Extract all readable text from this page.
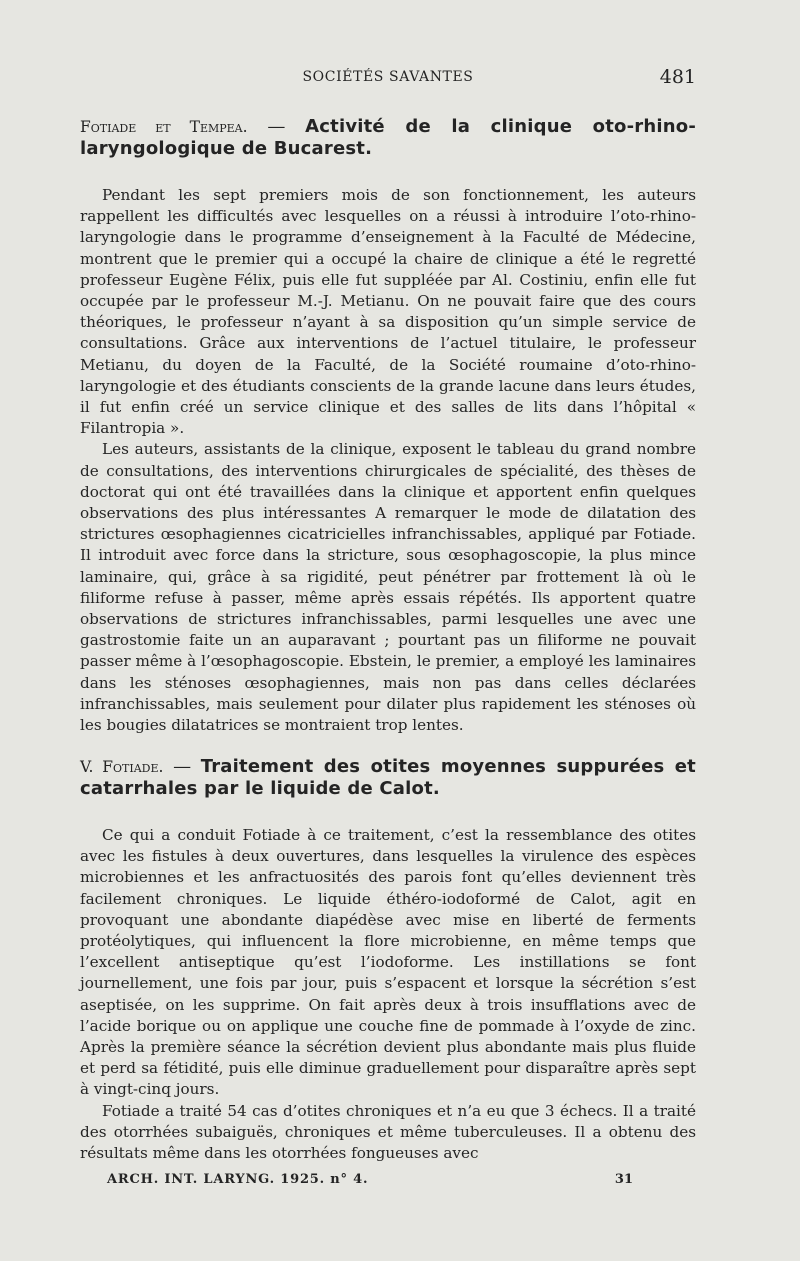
SOCIÉTÉS SAVANTES	481
Fotiade et Tempea. — Activité de la clinique oto-rhino-laryngologique de Bucarest.

Pendant les sept premiers mois de son fonctionnement, les auteurs rappellent les difficultés avec lesquelles on a réussi à introduire l’oto-rhino-laryngologie dans le programme d’enseignement à la Faculté de Médecine, montrent que le premier qui a occupé la chaire de clinique a été le regretté professeur Eugène Félix, puis elle fut suppléée par Al. Costiniu, enfin elle fut occupée par le professeur M.-J. Metianu. On ne pouvait faire que des cours théoriques, le professeur n’ayant à sa disposition qu’un simple service de consultations. Grâce aux interventions de l’actuel titulaire, le professeur Metianu, du doyen de la Faculté, de la Société roumaine d’oto-rhino-laryngologie et des étudiants conscients de la grande lacune dans leurs études, il fut enfin créé un service clinique et des salles de lits dans l’hôpital « Filantropia ».

Les auteurs, assistants de la clinique, exposent le tableau du grand nombre de consultations, des interventions chirurgicales de spécialité, des thèses de doctorat qui ont été travaillées dans la clinique et apportent enfin quelques observations des plus intéressantes A remarquer le mode de dilatation des strictures œsophagiennes cicatricielles infranchissables, appliqué par Fotiade. Il introduit avec force dans la stricture, sous œsophagoscopie, la plus mince laminaire, qui, grâce à sa rigidité, peut pénétrer par frottement là où le filiforme refuse à passer, même après essais répétés. Ils apportent quatre observations de strictures infranchissables, parmi lesquelles une avec une gastrostomie faite un an auparavant ; pourtant pas un filiforme ne pouvait passer même à l’œsophagoscopie. Ebstein, le premier, a employé les laminaires dans les sténoses œsophagiennes, mais non pas dans celles déclarées infranchissables, mais seulement pour dilater plus rapidement les sténoses où les bougies dilatatrices se montraient trop lentes.

V. Fotiade. — Traitement des otites moyennes suppurées et catarrhales par le liquide de Calot.

Ce qui a conduit Fotiade à ce traitement, c’est la ressemblance des otites avec les fistules à deux ouvertures, dans lesquelles la virulence des espèces microbiennes et les anfractuosités des parois font qu’elles deviennent très facilement chroniques. Le liquide éthéro-iodoformé de Calot, agit en provoquant une abondante diapédèse avec mise en liberté de ferments protéolytiques, qui influencent la flore microbienne, en même temps que l’excellent antiseptique qu’est l’iodoforme. Les instillations se font journellement, une fois par jour, puis s’espacent et lorsque la sécrétion s’est aseptisée, on les supprime. On fait après deux à trois insufflations avec de l’acide borique ou on applique une couche fine de pommade à l’oxyde de zinc. Après la première séance la sécrétion devient plus abondante mais plus fluide et perd sa fétidité, puis elle diminue graduellement pour disparaître après sept à vingt-cinq jours.

Fotiade a traité 54 cas d’otites chroniques et n’a eu que 3 échecs. Il a traité des otorrhées subaiguës, chroniques et même tuberculeuses. Il a obtenu des résultats même dans les otorrhées fongueuses avec

ARCH. INT. LARYNG. 1925. n° 4.	31
